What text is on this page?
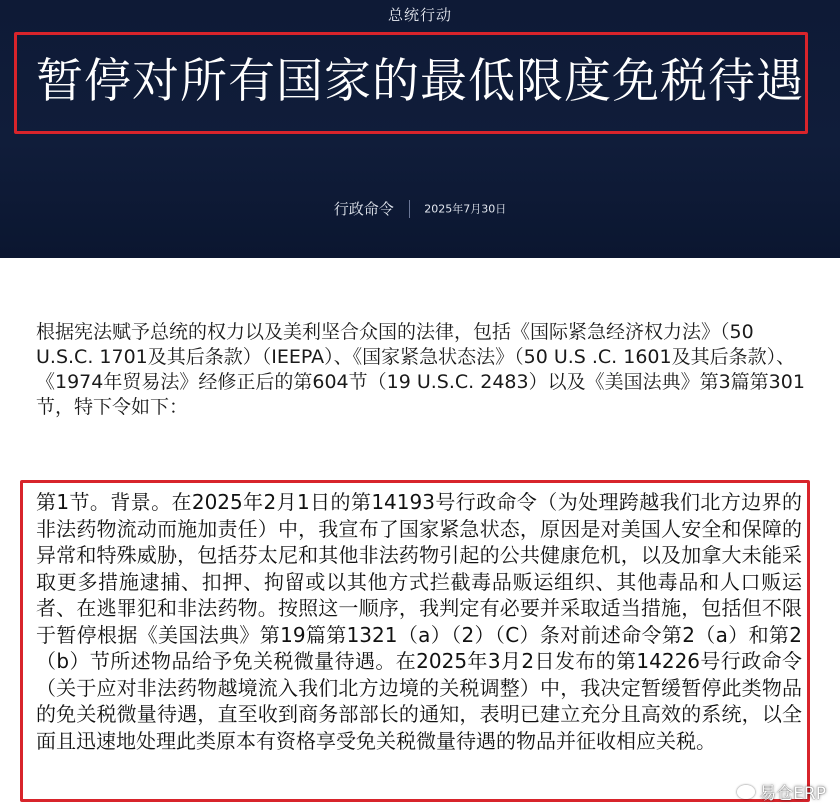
总统行动
暂停对所有国家的最低限度免税待遇
行政命令	2025年7月30日

根据宪法赋予总统的权力以及美利坚合众国的法律，包括《国际紧急经济权力法》（50 U.S.C. 1701及其后条款）（IEEPA）、《国家紧急状态法》（50 U.S .C. 1601及其后条款）、《1974年贸易法》经修正后的第604节（19 U.S.C. 2483）以及《美国法典》第3篇第301节，特下令如下：

第1节。背景。在2025年2月1日的第14193号行政命令（为处理跨越我们北方边界的非法药物流动而施加责任）中，我宣布了国家紧急状态，原因是对美国人安全和保障的异常和特殊威胁，包括芬太尼和其他非法药物引起的公共健康危机，以及加拿大未能采取更多措施逮捕、扣押、拘留或以其他方式拦截毒品贩运组织、其他毒品和人口贩运者、在逃罪犯和非法药物。按照这一顺序，我判定有必要并采取适当措施，包括但不限于暂停根据《美国法典》第19篇第1321（a）（2）（C）条对前述命令第2（a）和第2（b）节所述物品给予免关税微量待遇。在2025年3月2日发布的第14226号行政命令（关于应对非法药物越境流入我们北方边境的关税调整）中，我决定暂缓暂停此类物品的免关税微量待遇，直至收到商务部部长的通知，表明已建立充分且高效的系统，以全面且迅速地处理此类原本有资格享受免关税微量待遇的物品并征收相应关税。

易仓ERP
